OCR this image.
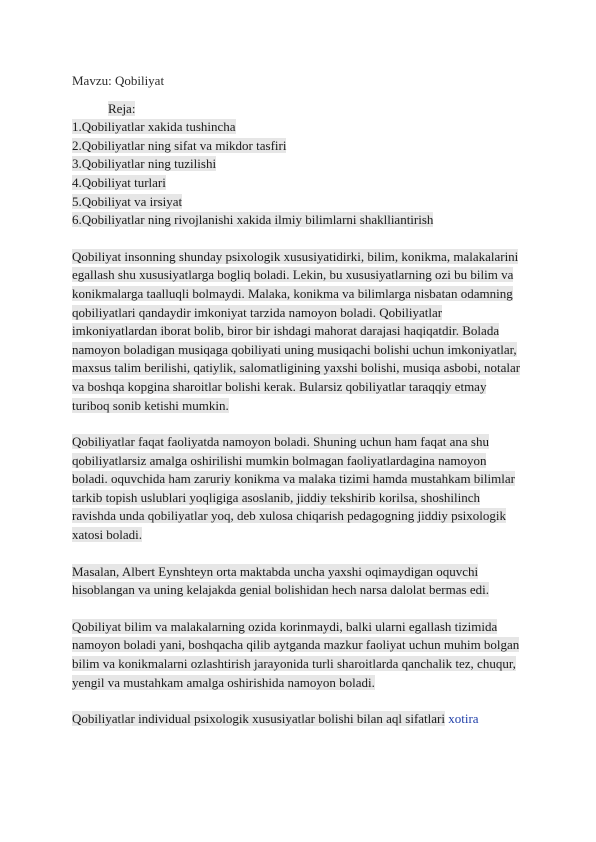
Mavzu: Qobiliyat

Reja:

1.Qobiliyatlar xakida tushincha
2.Qobiliyatlar ning sifat va mikdor tasfiri
3.Qobiliyatlar ning tuzilishi
4.Qobiliyat turlari
5.Qobiliyat va irsiyat
6.Qobiliyatlar ning rivojlanishi xakida ilmiy bilimlarni shaklliantirish

Qobiliyat insonning shunday psixologik xususiyatidirki, bilim, konikma, malakalarini egallash shu xususiyatlarga bogliq boladi. Lekin, bu xususiyatlarning ozi bu bilim va konikmalarga taalluqli bolmaydi. Malaka, konikma va bilimlarga nisbatan odamning qobiliyatlari qandaydir imkoniyat tarzida namoyon boladi. Qobiliyatlar imkoniyatlardan iborat bolib, biror bir ishdagi mahorat darajasi haqiqatdir. Bolada namoyon boladigan musiqaga qobiliyati uning musiqachi bolishi uchun imkoniyatlar, maxsus talim berilishi, qatiylik, salomatligining yaxshi bolishi, musiqa asbobi, notalar va boshqa kopgina sharoitlar bolishi kerak. Bularsiz qobiliyatlar taraqqiy etmay turiboq sonib ketishi mumkin.

Qobiliyatlar faqat faoliyatda namoyon boladi. Shuning uchun ham faqat ana shu qobiliyatlarsiz amalga oshirilishi mumkin bolmagan faoliyatlardagina namoyon boladi. oquvchida ham zaruriy konikma va malaka tizimi hamda mustahkam bilimlar tarkib topish uslublari yoqligiga asoslanib, jiddiy tekshirib korilsa, shoshilinch ravishda unda qobiliyatlar yoq, deb xulosa chiqarish pedagogning jiddiy psixologik xatosi boladi.

Masalan, Albert Eynshteyn orta maktabda uncha yaxshi oqimaydigan oquvchi hisoblangan va uning kelajakda genial bolishidan hech narsa dalolat bermas edi.

Qobiliyat bilim va malakalarning ozida korinmaydi, balki ularni egallash tizimida namoyon boladi yani, boshqacha qilib aytganda mazkur faoliyat uchun muhim bolgan bilim va konikmalarni ozlashtirish jarayonida turli sharoitlarda qanchalik tez, chuqur, yengil va mustahkam amalga oshirishida namoyon boladi.

Qobiliyatlar individual psixologik xususiyatlar bolishi bilan aql sifatlari xotira
